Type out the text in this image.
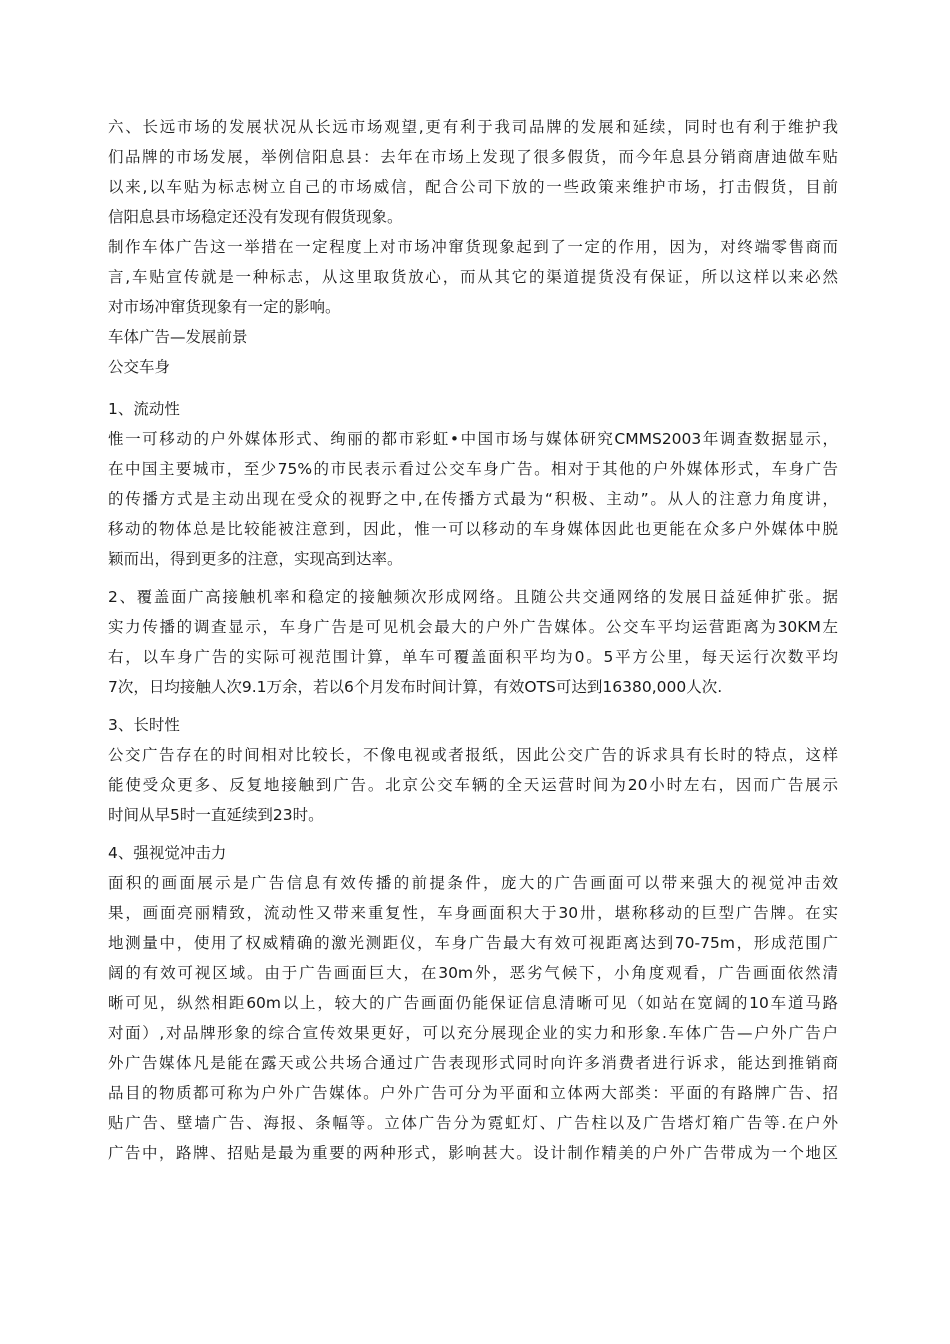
六、长远市场的发展状况从长远市场观望,更有利于我司品牌的发展和延续，同时也有利于维护我
们品牌的市场发展，举例信阳息县：去年在市场上发现了很多假货，而今年息县分销商唐迪做车贴
以来,以车贴为标志树立自己的市场威信，配合公司下放的一些政策来维护市场，打击假货，目前
信阳息县市场稳定还没有发现有假货现象。
制作车体广告这一举措在一定程度上对市场冲窜货现象起到了一定的作用，因为，对终端零售商而
言,车贴宣传就是一种标志，从这里取货放心，而从其它的渠道提货没有保证，所以这样以来必然
对市场冲窜货现象有一定的影响。
车体广告—发展前景
公交车身
1、流动性
惟一可移动的户外媒体形式、绚丽的都市彩虹•中国市场与媒体研究CMMS2003年调查数据显示，
在中国主要城市，至少75%的市民表示看过公交车身广告。相对于其他的户外媒体形式，车身广告
的传播方式是主动出现在受众的视野之中,在传播方式最为“积极、主动”。从人的注意力角度讲，
移动的物体总是比较能被注意到，因此，惟一可以移动的车身媒体因此也更能在众多户外媒体中脱
颖而出，得到更多的注意，实现高到达率。
2、覆盖面广高接触机率和稳定的接触频次形成网络。且随公共交通网络的发展日益延伸扩张。据
实力传播的调查显示，车身广告是可见机会最大的户外广告媒体。公交车平均运营距离为30KM左
右，以车身广告的实际可视范围计算，单车可覆盖面积平均为0。5平方公里，每天运行次数平均
7次，日均接触人次9.1万余，若以6个月发布时间计算，有效OTS可达到16380,000人次.
3、长时性
公交广告存在的时间相对比较长，不像电视或者报纸，因此公交广告的诉求具有长时的特点，这样
能使受众更多、反复地接触到广告。北京公交车辆的全天运营时间为20小时左右，因而广告展示
时间从早5时一直延续到23时。
4、强视觉冲击力
面积的画面展示是广告信息有效传播的前提条件，庞大的广告画面可以带来强大的视觉冲击效
果，画面亮丽精致，流动性又带来重复性，车身画面积大于30卅，堪称移动的巨型广告牌。在实
地测量中，使用了权威精确的激光测距仪，车身广告最大有效可视距离达到70-75m，形成范围广
阔的有效可视区域。由于广告画面巨大，在30m外，恶劣气候下，小角度观看，广告画面依然清
晰可见，纵然相距60m以上，较大的广告画面仍能保证信息清晰可见（如站在宽阔的10车道马路
对面）,对品牌形象的综合宣传效果更好，可以充分展现企业的实力和形象.车体广告—户外广告户
外广告媒体凡是能在露天或公共场合通过广告表现形式同时向许多消费者进行诉求，能达到推销商
品目的物质都可称为户外广告媒体。户外广告可分为平面和立体两大部类：平面的有路牌广告、招
贴广告、壁墙广告、海报、条幅等。立体广告分为霓虹灯、广告柱以及广告塔灯箱广告等.在户外
广告中，路牌、招贴是最为重要的两种形式，影响甚大。设计制作精美的户外广告带成为一个地区
